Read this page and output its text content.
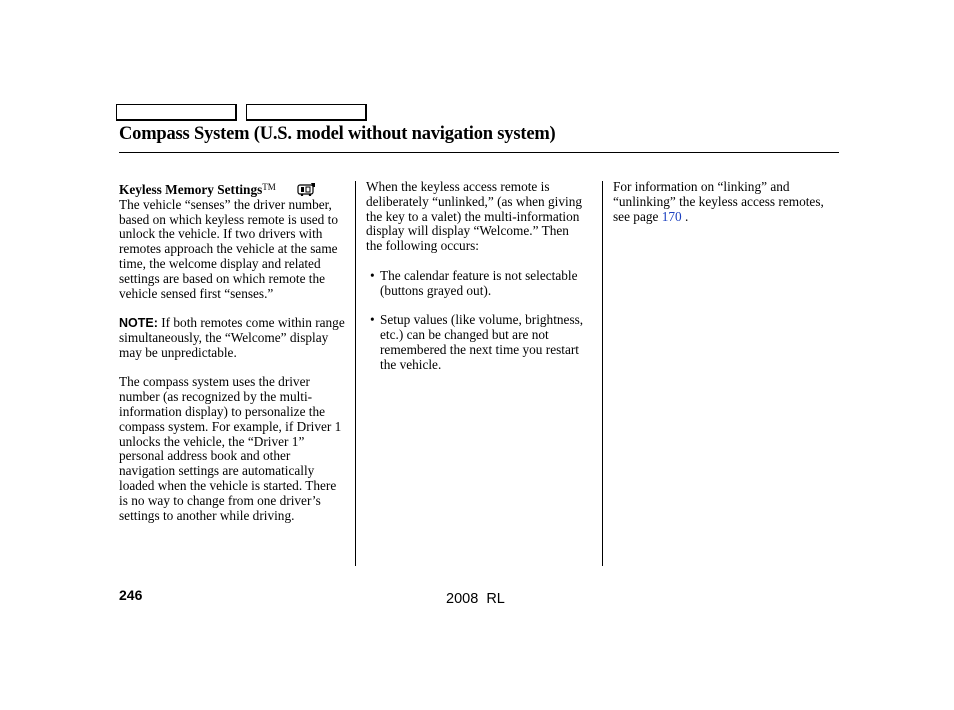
Compass System (U.S. model without navigation system)
Keyless Memory Settings™

The vehicle “senses” the driver number, based on which keyless remote is used to unlock the vehicle. If two drivers with remotes approach the vehicle at the same time, the welcome display and related settings are based on which remote the vehicle sensed first “senses.”

NOTE: If both remotes come within range simultaneously, the “Welcome” display may be unpredictable.

The compass system uses the driver number (as recognized by the multi-information display) to personalize the compass system. For example, if Driver 1 unlocks the vehicle, the “Driver 1” personal address book and other navigation settings are automatically loaded when the vehicle is started. There is no way to change from one driver’s settings to another while driving.

When the keyless access remote is deliberately “unlinked,” (as when giving the key to a valet) the multi-information display will display “Welcome.” Then the following occurs:

• The calendar feature is not selectable (buttons grayed out).
• Setup values (like volume, brightness, etc.) can be changed but are not remembered the next time you restart the vehicle.

For information on “linking” and “unlinking” the keyless access remotes, see page 170 .

246	2008  RL
